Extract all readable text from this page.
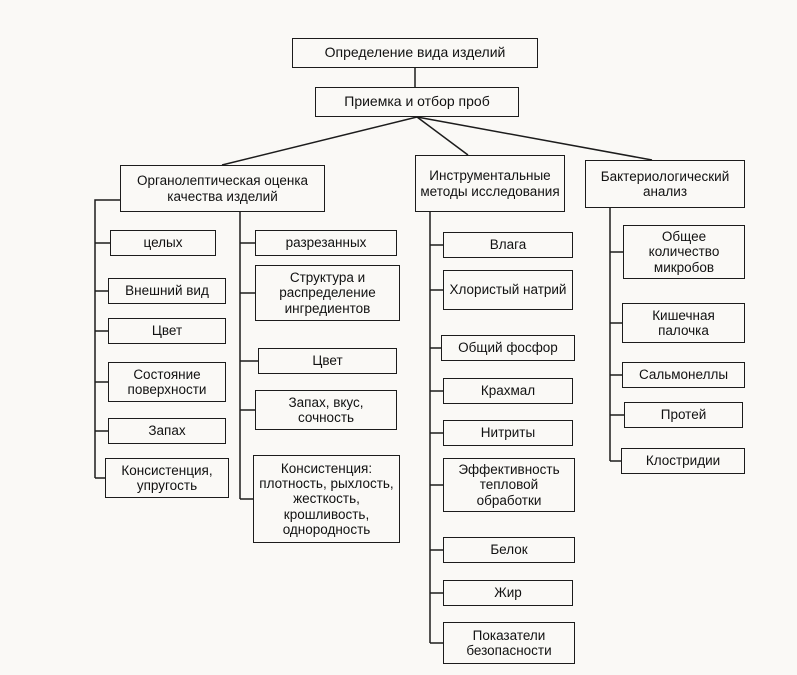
Определение вида изделий
Приемка и отбор проб
Органолептическая оценка качества изделий
Инструментальные методы исследования
Бактериологический анализ
целых
Внешний вид
Цвет
Состояние поверхности
Запах
Консистенция, упругость
разрезанных
Структура и распределение ингредиентов
Цвет
Запах, вкус, сочность
Консистенция: плотность, рыхлость, жесткость, крошливость, однородность
Влага
Хлористый натрий
Общий фосфор
Крахмал
Нитриты
Эффективность тепловой обработки
Белок
Жир
Показатели безопасности
Общее количество микробов
Кишечная палочка
Сальмонеллы
Протей
Клостридии
